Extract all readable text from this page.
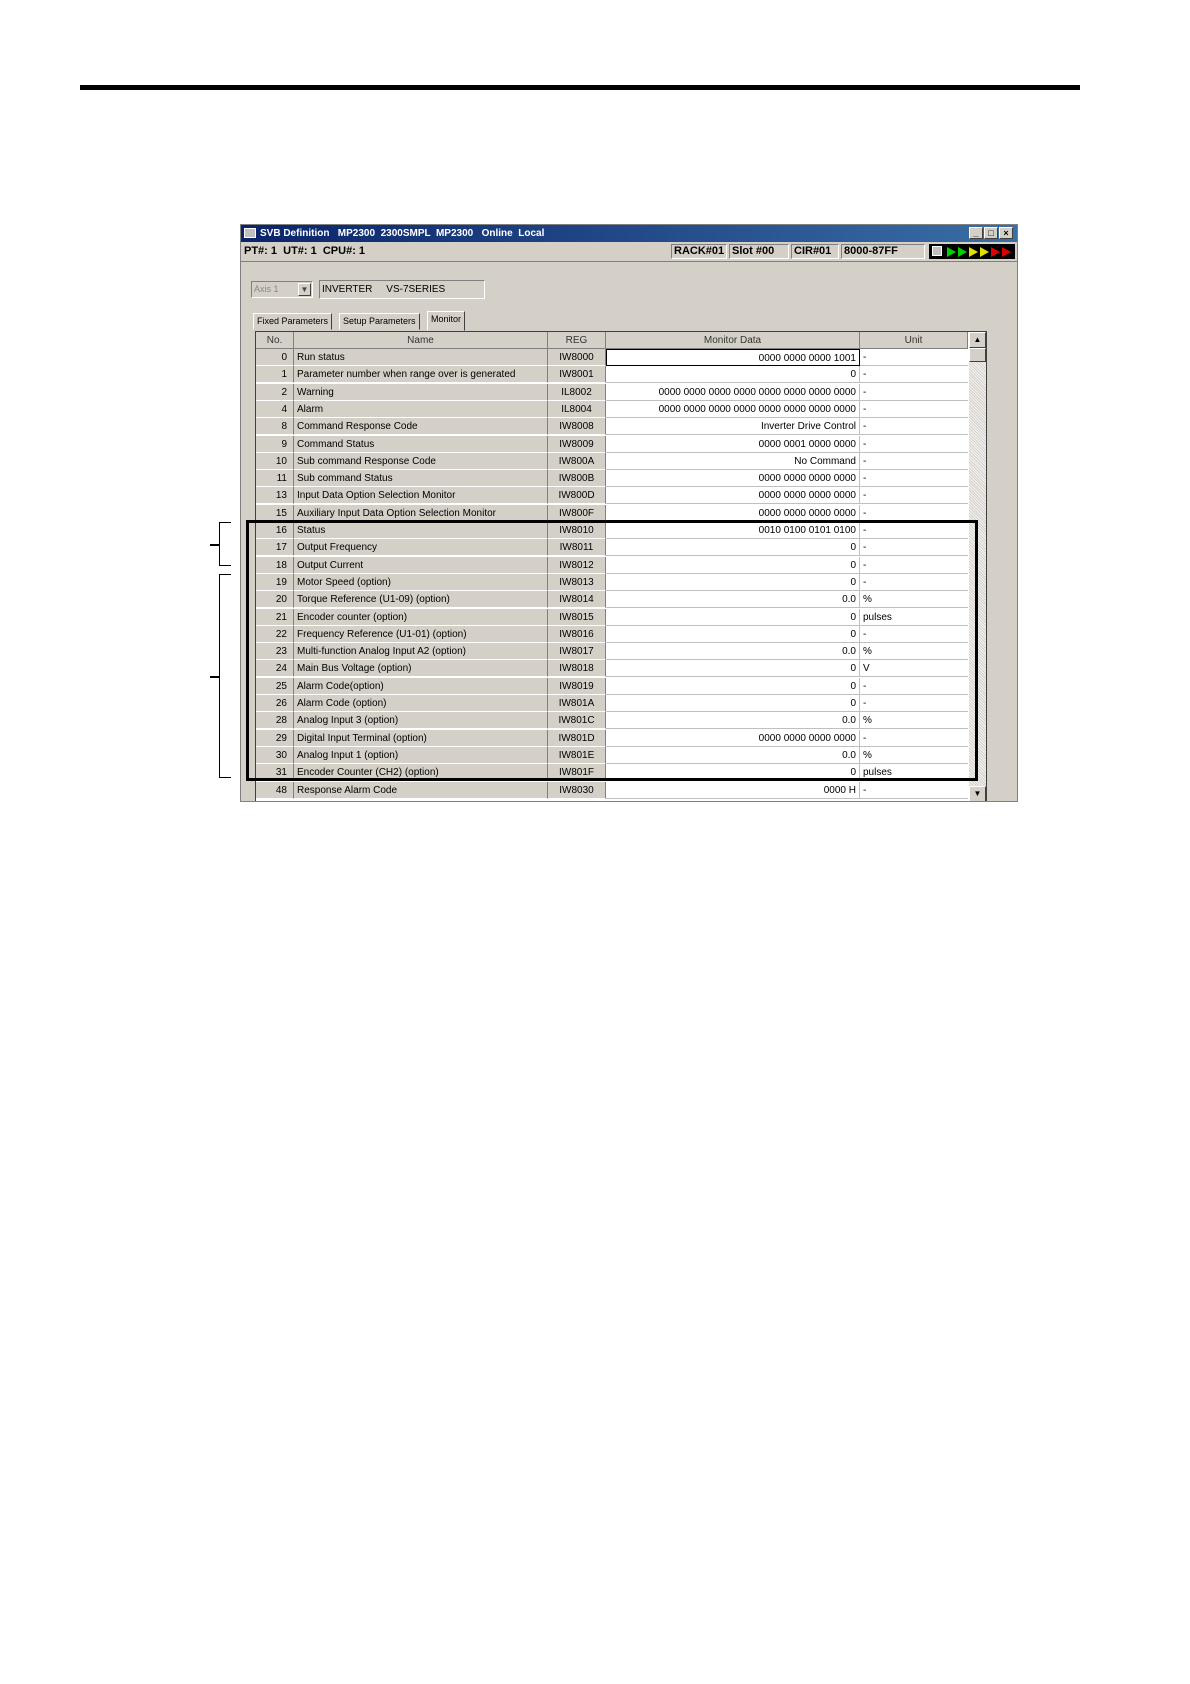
SVB Definition   MP2300  2300SMPL  MP2300   Online  Local	_	□	×
PT#: 1  UT#: 1  CPU#: 1	RACK#01 Slot #00	CIR#01	8000-87FF
Axis 1	▼	INVERTER     VS-7SERIES
Fixed Parameters	Setup Parameters	Monitor
No.	Name	REG	Monitor Data	Unit
0	Run status	IW8000	0000 0000 0000 1001 -
1	Parameter number when range over is generated	IW8001	0 -
2	Warning	IL8002	0000 0000 0000 0000 0000 0000 0000 0000 -
4	Alarm	IL8004	0000 0000 0000 0000 0000 0000 0000 0000 -
8	Command Response Code	IW8008	Inverter Drive Control -
9	Command Status	IW8009	0000 0001 0000 0000 -
10	Sub command Response Code	IW800A	No Command -
11	Sub command Status	IW800B	0000 0000 0000 0000 -
13	Input Data Option Selection Monitor	IW800D	0000 0000 0000 0000 -
15	Auxiliary Input Data Option Selection Monitor	IW800F	0000 0000 0000 0000 -
16	Status	IW8010	0010 0100 0101 0100 -
17	Output Frequency	IW8011	0 -
18	Output Current	IW8012	0 -
19	Motor Speed (option)	IW8013	0 -
20	Torque Reference (U1-09) (option)	IW8014	0.0 %
21	Encoder counter (option)	IW8015	0 pulses
22	Frequency Reference (U1-01) (option)	IW8016	0 -
23	Multi-function Analog Input A2 (option)	IW8017	0.0 %
24	Main Bus Voltage (option)	IW8018	0 V
25	Alarm Code(option)	IW8019	0 -
26	Alarm Code (option)	IW801A	0 -
28	Analog Input 3 (option)	IW801C	0.0 %
29	Digital Input Terminal (option)	IW801D	0000 0000 0000 0000 -
30	Analog Input 1 (option)	IW801E	0.0 %
31	Encoder Counter (CH2) (option)	IW801F	0 pulses
48	Response Alarm Code	IW8030	0000 H -
▲
▼
